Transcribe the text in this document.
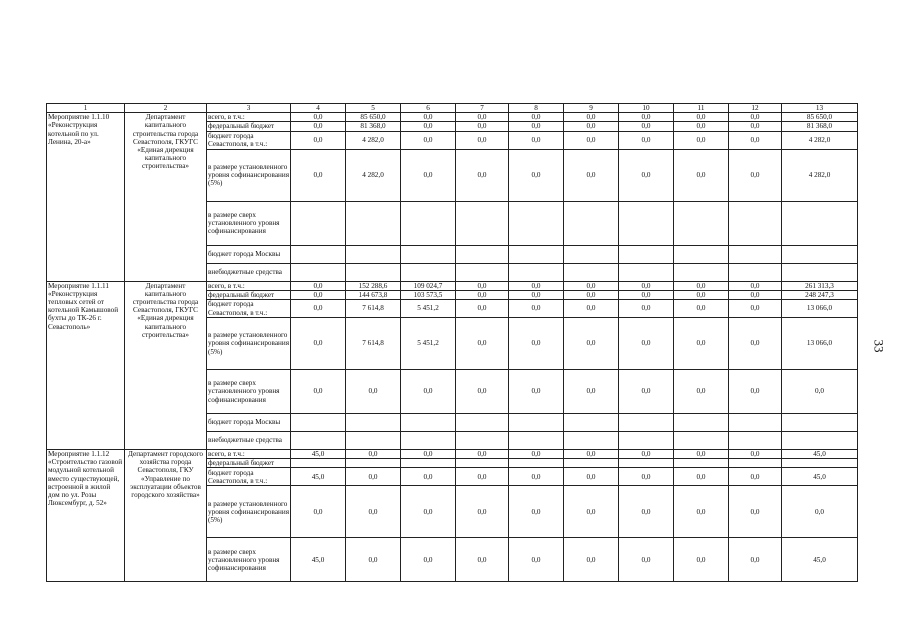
1	2	3	4	5	6	7	8	9	10	11	12	13
Мероприятие 1.1.10 «Реконструкция котельной по ул. Ленина, 20-а»	Департамент капитального строительства города Севастополя, ГКУГС «Единая дирекция капитального строительства»	всего, в т.ч.:	0,0	85 650,0	0,0	0,0	0,0	0,0	0,0	0,0	0,0	85 650,0
		федеральный бюджет	0,0	81 368,0	0,0	0,0	0,0	0,0	0,0	0,0	0,0	81 368,0
		бюджет города Севастополя, в т.ч.:	0,0	4 282,0	0,0	0,0	0,0	0,0	0,0	0,0	0,0	4 282,0
		в размере установленного уровня софинансирования (5%)	0,0	4 282,0	0,0	0,0	0,0	0,0	0,0	0,0	0,0	4 282,0
		в размере сверх установленного уровня софинансирования										
		бюджет города Москвы										
		внебюджетные средства										
Мероприятие 1.1.11 «Реконструкция тепловых сетей от котельной Камышовой бухты до ТК-26 г. Севастополь»	Департамент капитального строительства города Севастополя, ГКУГС «Единая дирекция капитального строительства»	всего, в т.ч.:	0,0	152 288,6	109 024,7	0,0	0,0	0,0	0,0	0,0	0,0	261 313,3
		федеральный бюджет	0,0	144 673,8	103 573,5	0,0	0,0	0,0	0,0	0,0	0,0	248 247,3
		бюджет города Севастополя, в т.ч.:	0,0	7 614,8	5 451,2	0,0	0,0	0,0	0,0	0,0	0,0	13 066,0
		в размере установленного уровня софинансирования (5%)	0,0	7 614,8	5 451,2	0,0	0,0	0,0	0,0	0,0	0,0	13 066,0
		в размере сверх установленного уровня софинансирования	0,0	0,0	0,0	0,0	0,0	0,0	0,0	0,0	0,0	0,0
		бюджет города Москвы										
		внебюджетные средства										
Мероприятие 1.1.12 «Строительство газовой модульной котельной вместо существующей, встроенной в жилой дом по ул. Розы Люксембург, д. 52»	Департамент городского хозяйства города Севастополя, ГКУ «Управление по эксплуатации объектов городского хозяйства»	всего, в т.ч.:	45,0	0,0	0,0	0,0	0,0	0,0	0,0	0,0	0,0	45,0
		федеральный бюджет										
		бюджет города Севастополя, в т.ч.:	45,0	0,0	0,0	0,0	0,0	0,0	0,0	0,0	0,0	45,0
		в размере установленного уровня софинансирования (5%)	0,0	0,0	0,0	0,0	0,0	0,0	0,0	0,0	0,0	0,0
		в размере сверх установленного уровня софинансирования	45,0	0,0	0,0	0,0	0,0	0,0	0,0	0,0	0,0	45,0
33
